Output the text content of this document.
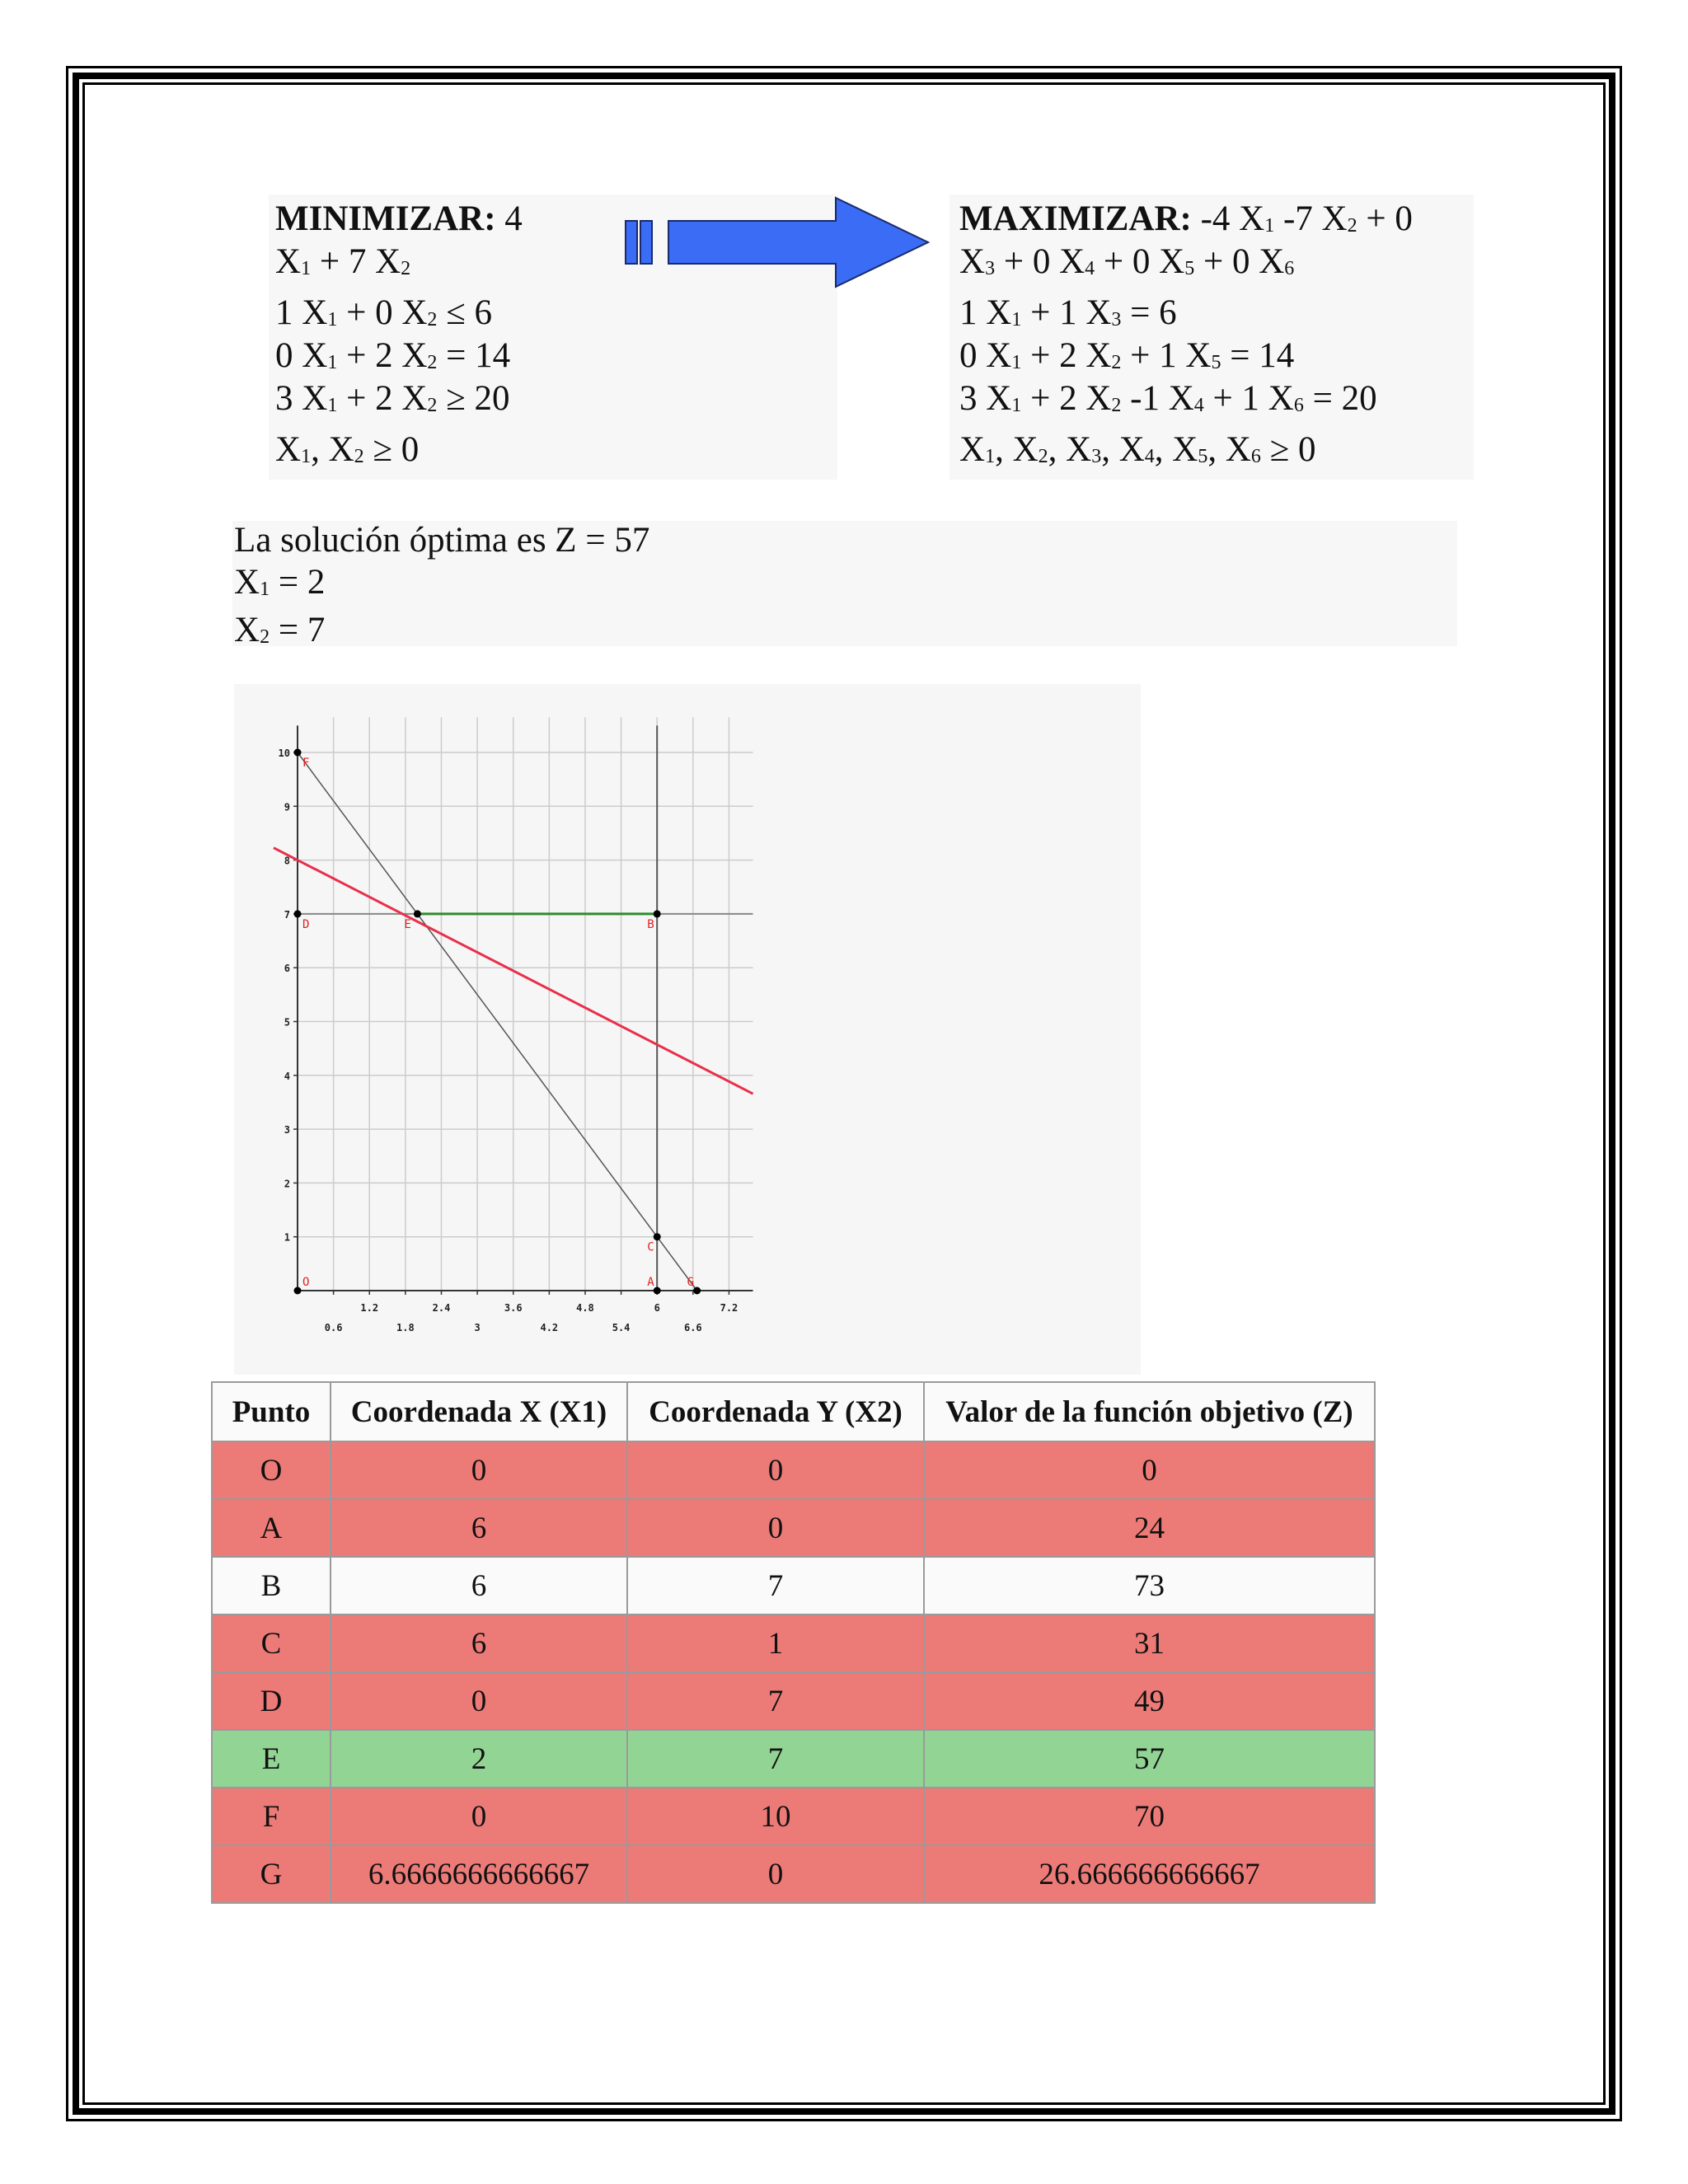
MINIMIZAR: 4
$X_1 + 7$ $X_2$
1 $X_1 + 0$ $X_2 \le 6$
0 $X_1 + 2$ $X_2 = 14$
3 $X_1 + 2$ $X_2 \ge 20$
$X_1$, $X_2 \ge 0$
MAXIMIZAR: -4 $X_1$ -7 $X_2 + 0$
$X_3 + 0$ $X_4 + 0$ $X_5 + 0$ $X_6$
1 $X_1 + 1$ $X_3 = 6$
0 $X_1 + 2$ $X_2 + 1$ $X_5 = 14$
3 $X_1 + 2$ $X_2$ -1 $X_4 + 1$ $X_6 = 20$
$X_1$, $X_2$, $X_3$, $X_4$, $X_5$, $X_6 \ge 0$
La solución óptima es Z = 57
$X_1 = 2$
$X_2 = 7$
1
2
3
4
5
6
7
8
9
10
1.2	2.4	3.6	4.8	6	7.2
0.6	1.8	3	4.2	5.4	6.6
O	A
B
C
D	E
F
G
Punto	Coordenada X (X1)	Coordenada Y (X2)	Valor de la función objetivo (Z)
O	0	0	0
A	6	0	24
B	6	7	73
C	6	1	31
D	0	7	49
E	2	7	57
F	0	10	70
G	6.6666666666667	0	26.666666666667
